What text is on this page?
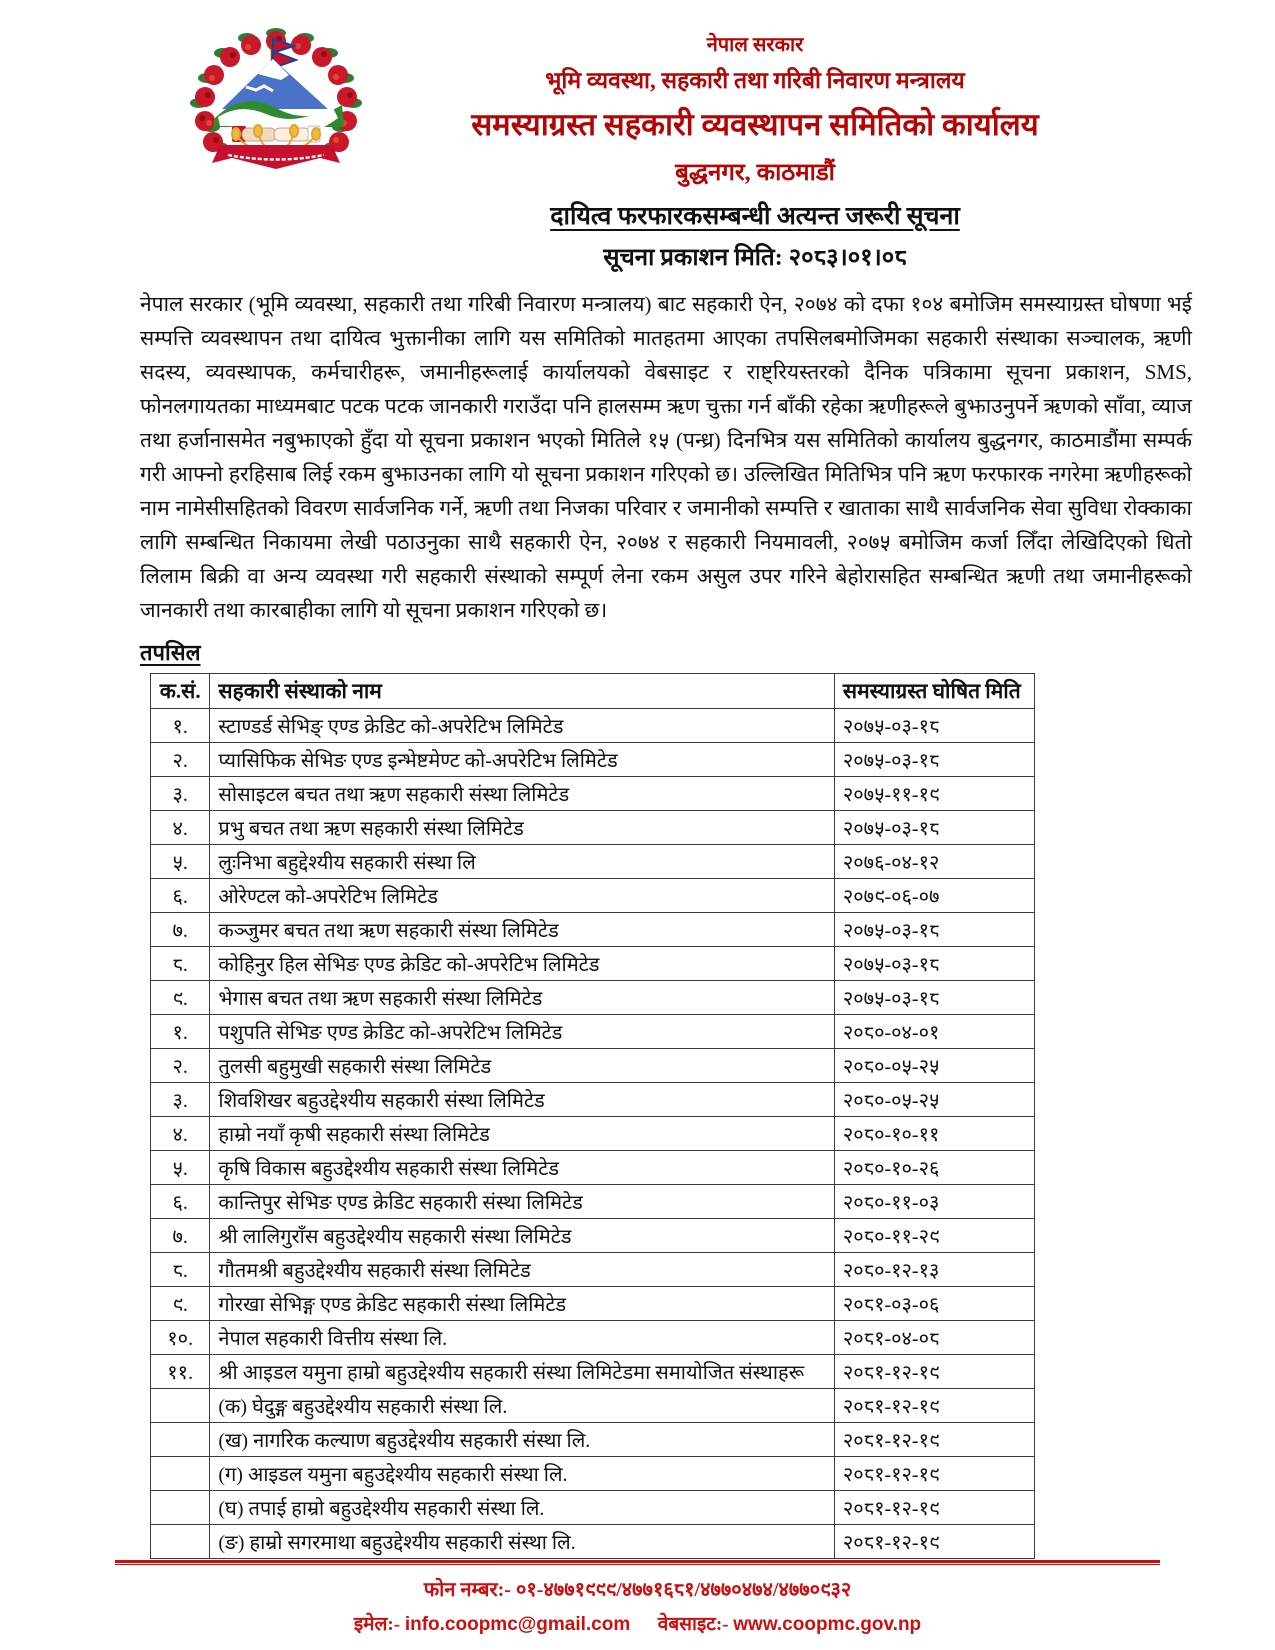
नेपाल सरकार

भूमि व्यवस्था, सहकारी तथा गरिबी निवारण मन्त्रालय

समस्याग्रस्त सहकारी व्यवस्थापन समितिको कार्यालय

बुद्धनगर, काठमाडौं

दायित्व फरफारकसम्बन्धी अत्यन्त जरूरी सूचना

सूचना प्रकाशन मिति: २०८३।०१।०८

नेपाल सरकार (भूमि व्यवस्था, सहकारी तथा गरिबी निवारण मन्त्रालय) बाट सहकारी ऐन, २०७४ को दफा १०४ बमोजिम समस्याग्रस्त घोषणा भई सम्पत्ति व्यवस्थापन तथा दायित्व भुक्तानीका लागि यस समितिको मातहतमा आएका तपसिलबमोजिमका सहकारी संस्थाका सञ्चालक, ऋणी सदस्य, व्यवस्थापक, कर्मचारीहरू, जमानीहरूलाई कार्यालयको वेबसाइट र राष्ट्रियस्तरको दैनिक पत्रिकामा सूचना प्रकाशन, SMS, फोनलगायतका माध्यमबाट पटक पटक जानकारी गराउँदा पनि हालसम्म ऋण चुक्ता गर्न बाँकी रहेका ऋणीहरूले बुझाउनुपर्ने ऋणको साँवा, व्याज तथा हर्जानासमेत नबुझाएको हुँदा यो सूचना प्रकाशन भएको मितिले १५ (पन्ध्र) दिनभित्र यस समितिको कार्यालय बुद्धनगर, काठमाडौंमा सम्पर्क गरी आफ्नो हरहिसाब लिई रकम बुझाउनका लागि यो सूचना प्रकाशन गरिएको छ। उल्लिखित मितिभित्र पनि ऋण फरफारक नगरेमा ऋणीहरूको नाम नामेसीसहितको विवरण सार्वजनिक गर्ने, ऋणी तथा निजका परिवार र जमानीको सम्पत्ति र खाताका साथै सार्वजनिक सेवा सुविधा रोक्काका लागि सम्बन्धित निकायमा लेखी पठाउनुका साथै सहकारी ऐन, २०७४ र सहकारी नियमावली, २०७५ बमोजिम कर्जा लिँदा लेखिदिएको धितो लिलाम बिक्री वा अन्य व्यवस्था गरी सहकारी संस्थाको सम्पूर्ण लेना रकम असुल उपर गरिने बेहोरासहित सम्बन्धित ऋणी तथा जमानीहरूको जानकारी तथा कारबाहीका लागि यो सूचना प्रकाशन गरिएको छ।

तपसिल

क.सं.	सहकारी संस्थाको नाम	समस्याग्रस्त घोषित मिति
१.	स्टाण्डर्ड सेभिङ् एण्ड क्रेडिट को-अपरेटिभ लिमिटेड	२०७५-०३-१८
२.	प्यासिफिक सेभिङ एण्ड इन्भेष्टमेण्ट को-अपरेटिभ लिमिटेड	२०७५-०३-१८
३.	सोसाइटल बचत तथा ऋण सहकारी संस्था लिमिटेड	२०७५-११-१९
४.	प्रभु बचत तथा ऋण सहकारी संस्था लिमिटेड	२०७५-०३-१८
५.	लुःनिभा बहुद्देश्यीय सहकारी संस्था लि	२०७६-०४-१२
६.	ओरेण्टल को-अपरेटिभ लिमिटेड	२०७९-०६-०७
७.	कञ्जुमर बचत तथा ऋण सहकारी संस्था लिमिटेड	२०७५-०३-१८
८.	कोहिनुर हिल सेभिङ एण्ड क्रेडिट को-अपरेटिभ लिमिटेड	२०७५-०३-१८
९.	भेगास बचत तथा ऋण सहकारी संस्था लिमिटेड	२०७५-०३-१८
१.	पशुपति सेभिङ एण्ड क्रेडिट को-अपरेटिभ लिमिटेड	२०८०-०४-०१
२.	तुलसी बहुमुखी सहकारी संस्था लिमिटेड	२०८०-०५-२५
३.	शिवशिखर बहुउद्देश्यीय सहकारी संस्था लिमिटेड	२०८०-०५-२५
४.	हाम्रो नयाँ कृषी सहकारी संस्था लिमिटेड	२०८०-१०-११
५.	कृषि विकास बहुउद्देश्यीय सहकारी संस्था लिमिटेड	२०८०-१०-२६
६.	कान्तिपुर सेभिङ एण्ड क्रेडिट सहकारी संस्था लिमिटेड	२०८०-११-०३
७.	श्री लालिगुराँस बहुउद्देश्यीय सहकारी संस्था लिमिटेड	२०८०-११-२९
८.	गौतमश्री बहुउद्देश्यीय सहकारी संस्था लिमिटेड	२०८०-१२-१३
९.	गोरखा सेभिङ्ग एण्ड क्रेडिट सहकारी संस्था लिमिटेड	२०८१-०३-०६
१०.	नेपाल सहकारी वित्तीय संस्था लि.	२०८१-०४-०८
११.	श्री आइडल यमुना हाम्रो बहुउद्देश्यीय सहकारी संस्था लिमिटेडमा समायोजित संस्थाहरू	२०८१-१२-१९
	(क) घेदुङ्ग बहुउद्देश्यीय सहकारी संस्था लि.	२०८१-१२-१९
	(ख) नागरिक कल्याण बहुउद्देश्यीय सहकारी संस्था लि.	२०८१-१२-१९
	(ग) आइडल यमुना बहुउद्देश्यीय सहकारी संस्था लि.	२०८१-१२-१९
	(घ) तपाई हाम्रो बहुउद्देश्यीय सहकारी संस्था लि.	२०८१-१२-१९
	(ङ) हाम्रो सगरमाथा बहुउद्देश्यीय सहकारी संस्था लि.	२०८१-१२-१९

फोन नम्बर:- ०१-४७७१९९९/४७७१६८१/४७७०४७४/४७७०९३२

इमेल:- info.coopmc@gmail.com वेबसाइट:- www.coopmc.gov.np
